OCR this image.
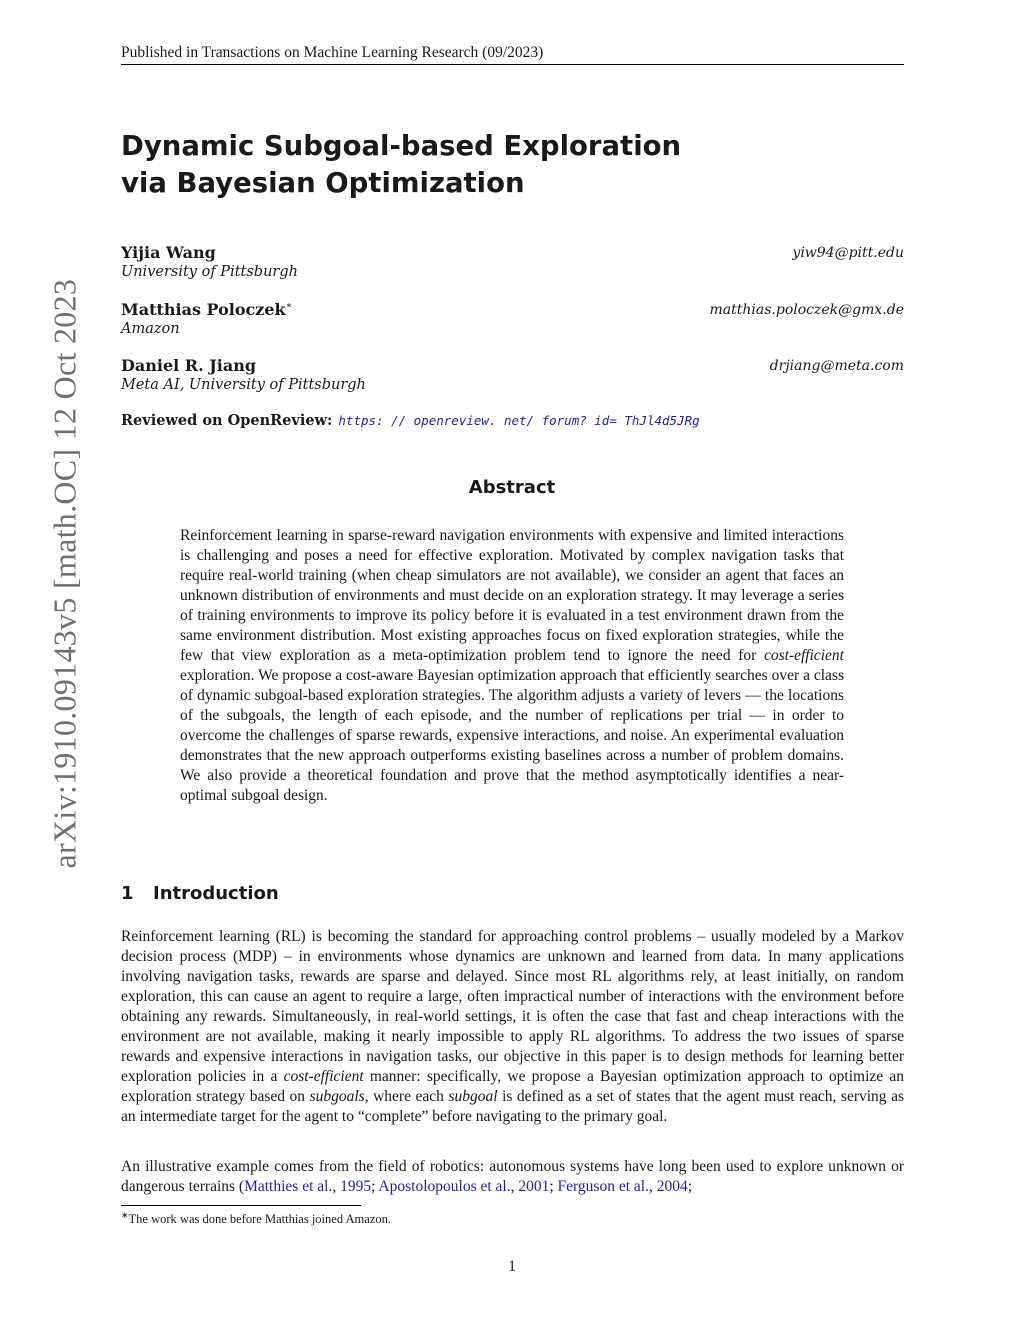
Published in Transactions on Machine Learning Research (09/2023)
arXiv:1910.09143v5 [math.OC] 12 Oct 2023
Dynamic Subgoal-based Exploration
via Bayesian Optimization
Yijia Wang
University of Pittsburgh
yiw94@pitt.edu
Matthias Poloczek∗
Amazon
matthias.poloczek@gmx.de
Daniel R. Jiang
Meta AI, University of Pittsburgh
drjiang@meta.com
Reviewed on OpenReview: https: // openreview. net/ forum? id= ThJl4d5JRg
Abstract
Reinforcement learning in sparse-reward navigation environments with expensive and limited interactions is challenging and poses a need for effective exploration. Motivated by complex navigation tasks that require real-world training (when cheap simulators are not available), we consider an agent that faces an unknown distribution of environments and must decide on an exploration strategy. It may leverage a series of training environments to improve its policy before it is evaluated in a test environment drawn from the same environment distribution. Most existing approaches focus on fixed exploration strategies, while the few that view exploration as a meta-optimization problem tend to ignore the need for cost-efficient exploration. We propose a cost-aware Bayesian optimization approach that efficiently searches over a class of dynamic subgoal-based exploration strategies. The algorithm adjusts a variety of levers — the locations of the subgoals, the length of each episode, and the number of replications per trial — in order to overcome the challenges of sparse rewards, expensive interactions, and noise. An experimental evaluation demonstrates that the new approach outperforms existing baselines across a number of problem domains. We also provide a theoretical foundation and prove that the method asymptotically identifies a near-optimal subgoal design.
1 Introduction
Reinforcement learning (RL) is becoming the standard for approaching control problems – usually modeled by a Markov decision process (MDP) – in environments whose dynamics are unknown and learned from data. In many applications involving navigation tasks, rewards are sparse and delayed. Since most RL algorithms rely, at least initially, on random exploration, this can cause an agent to require a large, often impractical number of interactions with the environment before obtaining any rewards. Simultaneously, in real-world settings, it is often the case that fast and cheap interactions with the environment are not available, making it nearly impossible to apply RL algorithms. To address the two issues of sparse rewards and expensive interactions in navigation tasks, our objective in this paper is to design methods for learning better exploration policies in a cost-efficient manner: specifically, we propose a Bayesian optimization approach to optimize an exploration strategy based on subgoals, where each subgoal is defined as a set of states that the agent must reach, serving as an intermediate target for the agent to “complete” before navigating to the primary goal.
An illustrative example comes from the field of robotics: autonomous systems have long been used to explore unknown or dangerous terrains (Matthies et al., 1995; Apostolopoulos et al., 2001; Ferguson et al., 2004;
∗The work was done before Matthias joined Amazon.
1
